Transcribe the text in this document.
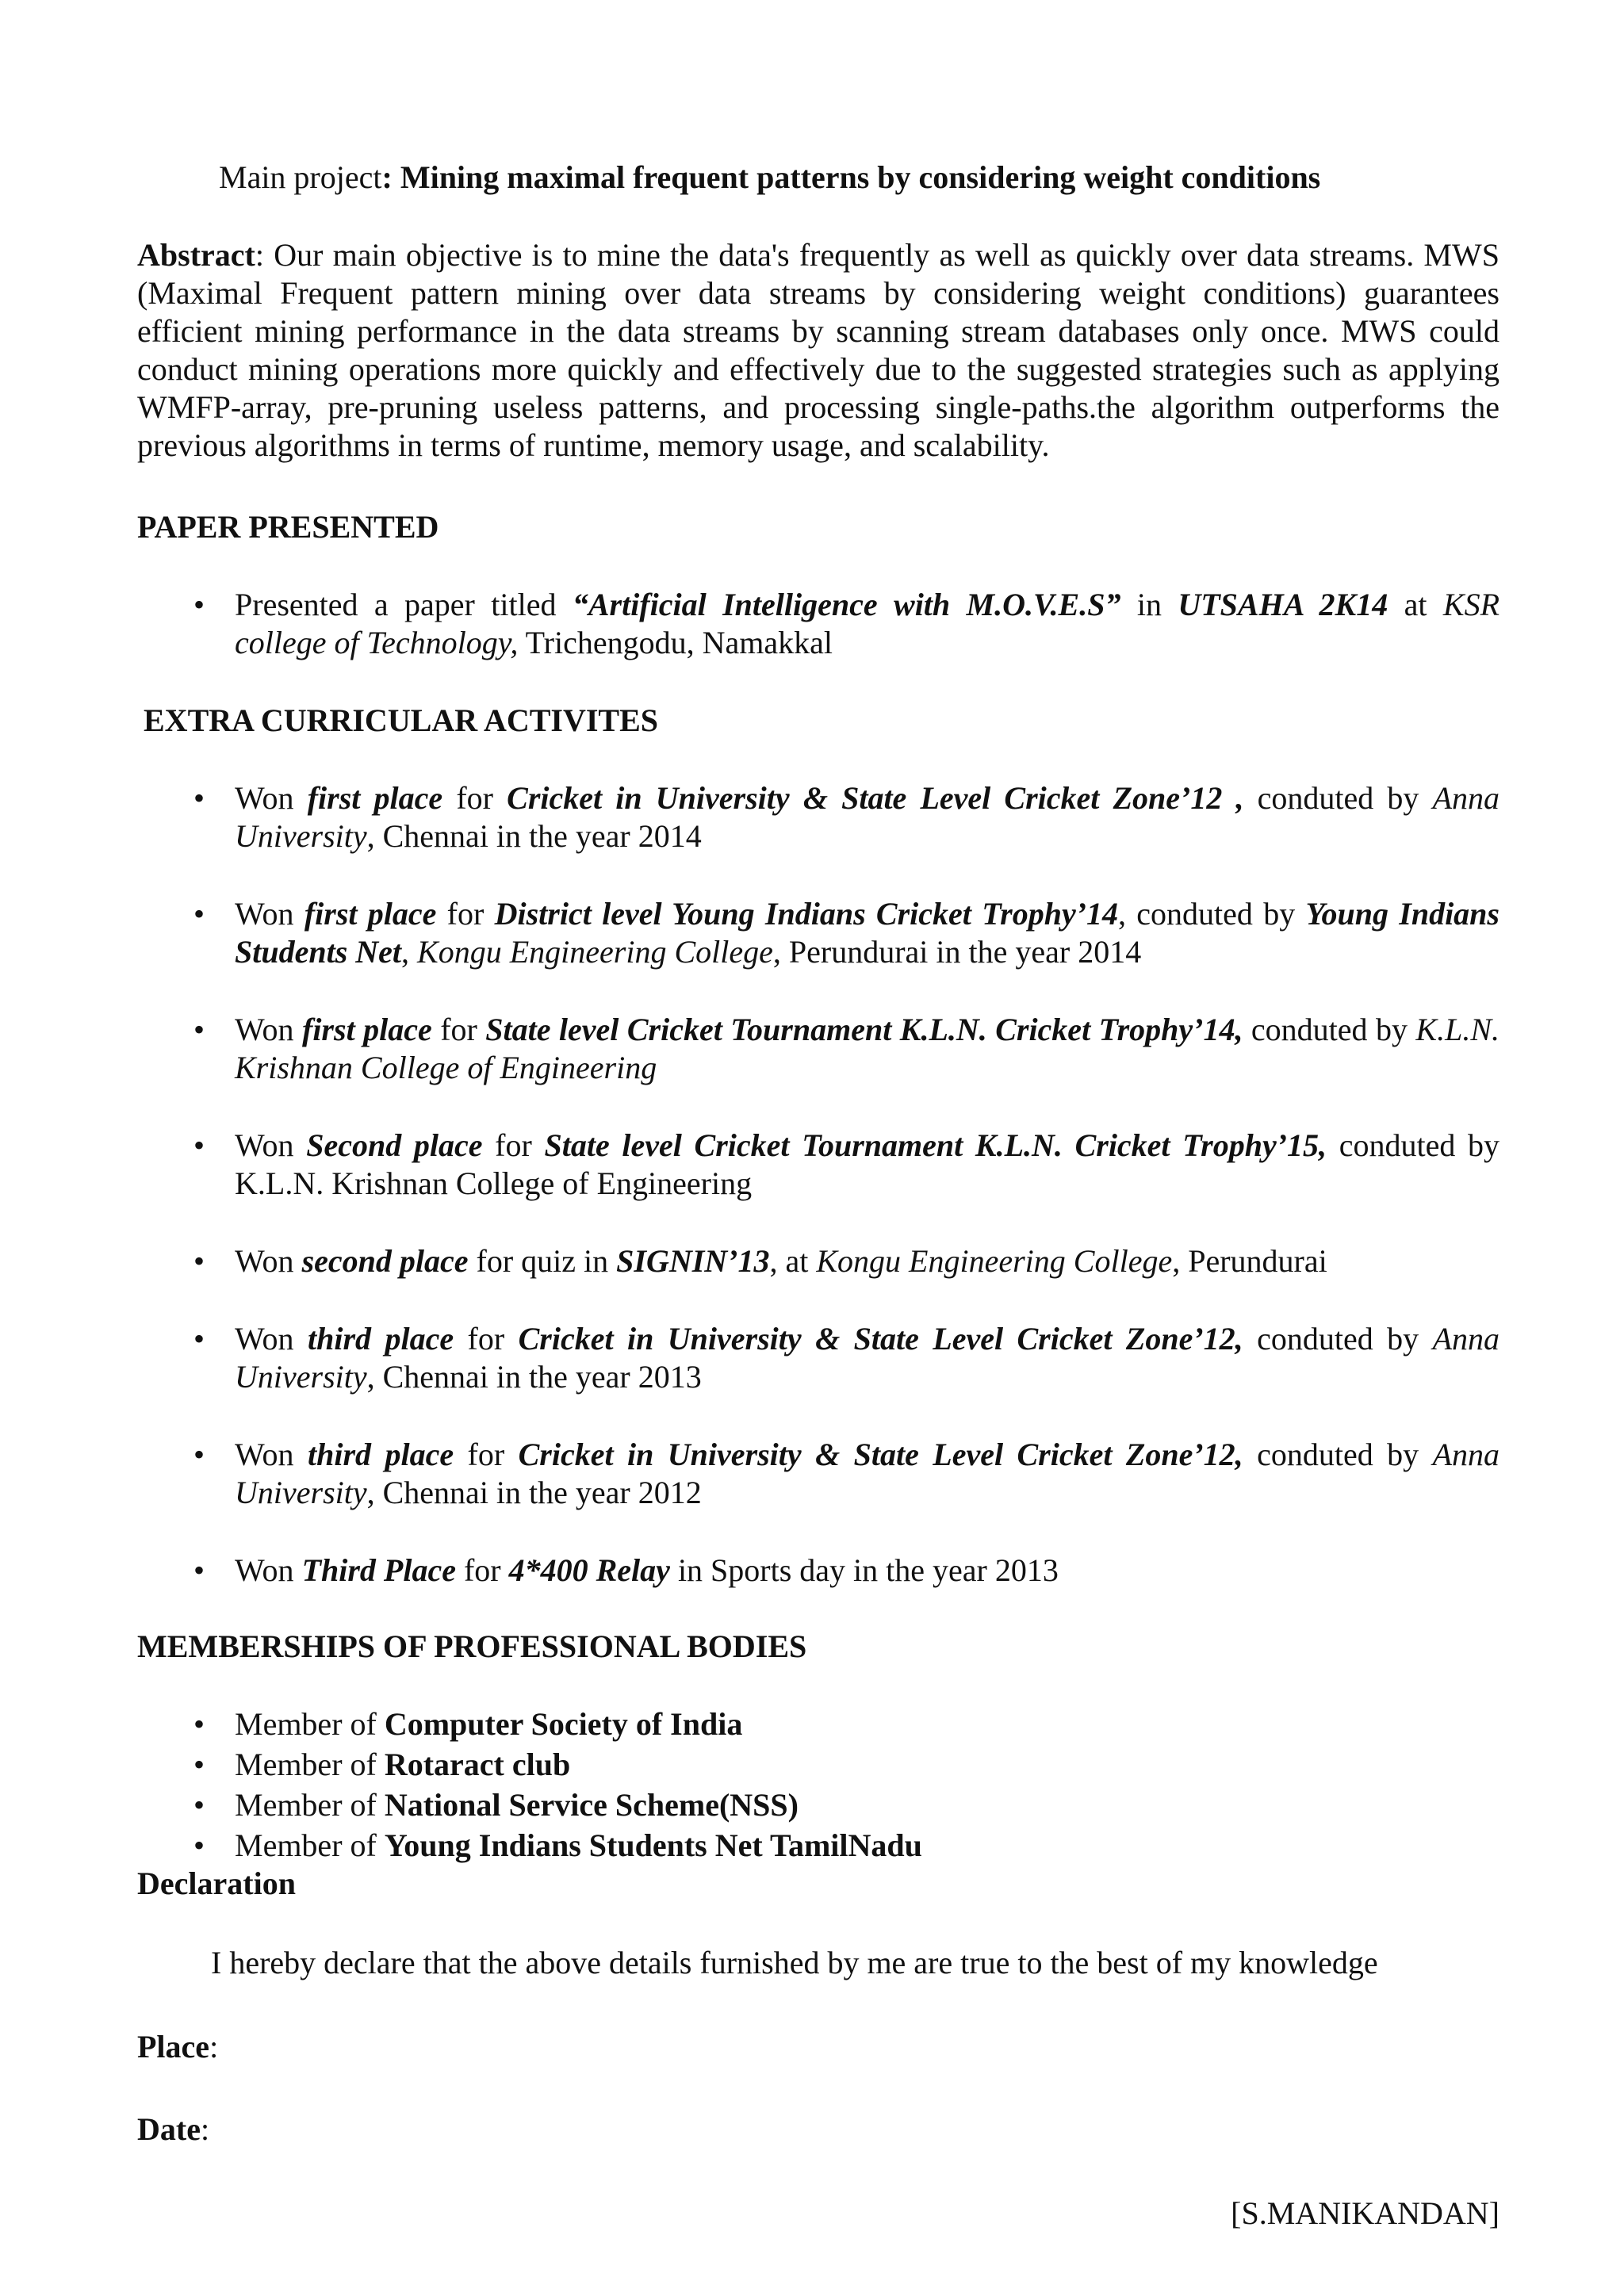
Main project: Mining maximal frequent patterns by considering weight conditions

Abstract: Our main objective is to mine the data's frequently as well as quickly over data streams. MWS (Maximal Frequent pattern mining over data streams by considering weight conditions) guarantees efficient mining performance in the data streams by scanning stream databases only once. MWS could conduct mining operations more quickly and effectively due to the suggested strategies such as applying WMFP-array, pre-pruning useless patterns, and processing single-paths.the algorithm outperforms the previous algorithms in terms of runtime, memory usage, and scalability.

PAPER PRESENTED
• Presented a paper titled “Artificial Intelligence with M.O.V.E.S” in UTSAHA 2K14 at KSR college of Technology, Trichengodu, Namakkal
EXTRA CURRICULAR ACTIVITES
• Won first place for Cricket in University & State Level Cricket Zone’12 , conduted by Anna University, Chennai in the year 2014
• Won first place for District level Young Indians Cricket Trophy’14, conduted by Young Indians Students Net, Kongu Engineering College, Perundurai in the year 2014
• Won first place for State level Cricket Tournament K.L.N. Cricket Trophy’14, conduted by K.L.N. Krishnan College of Engineering
• Won Second place for State level Cricket Tournament K.L.N. Cricket Trophy’15, conduted by K.L.N. Krishnan College of Engineering
• Won second place for quiz in SIGNIN’13, at Kongu Engineering College, Perundurai
• Won third place for Cricket in University & State Level Cricket Zone’12, conduted by Anna University, Chennai in the year 2013
• Won third place for Cricket in University & State Level Cricket Zone’12, conduted by Anna University, Chennai in the year 2012
• Won Third Place for 4*400 Relay in Sports day in the year 2013
MEMBERSHIPS OF PROFESSIONAL BODIES
• Member of Computer Society of India
• Member of Rotaract club
• Member of National Service Scheme(NSS)
• Member of Young Indians Students Net TamilNadu
Declaration

I hereby declare that the above details furnished by me are true to the best of my knowledge

Place:
Date:
[S.MANIKANDAN]
